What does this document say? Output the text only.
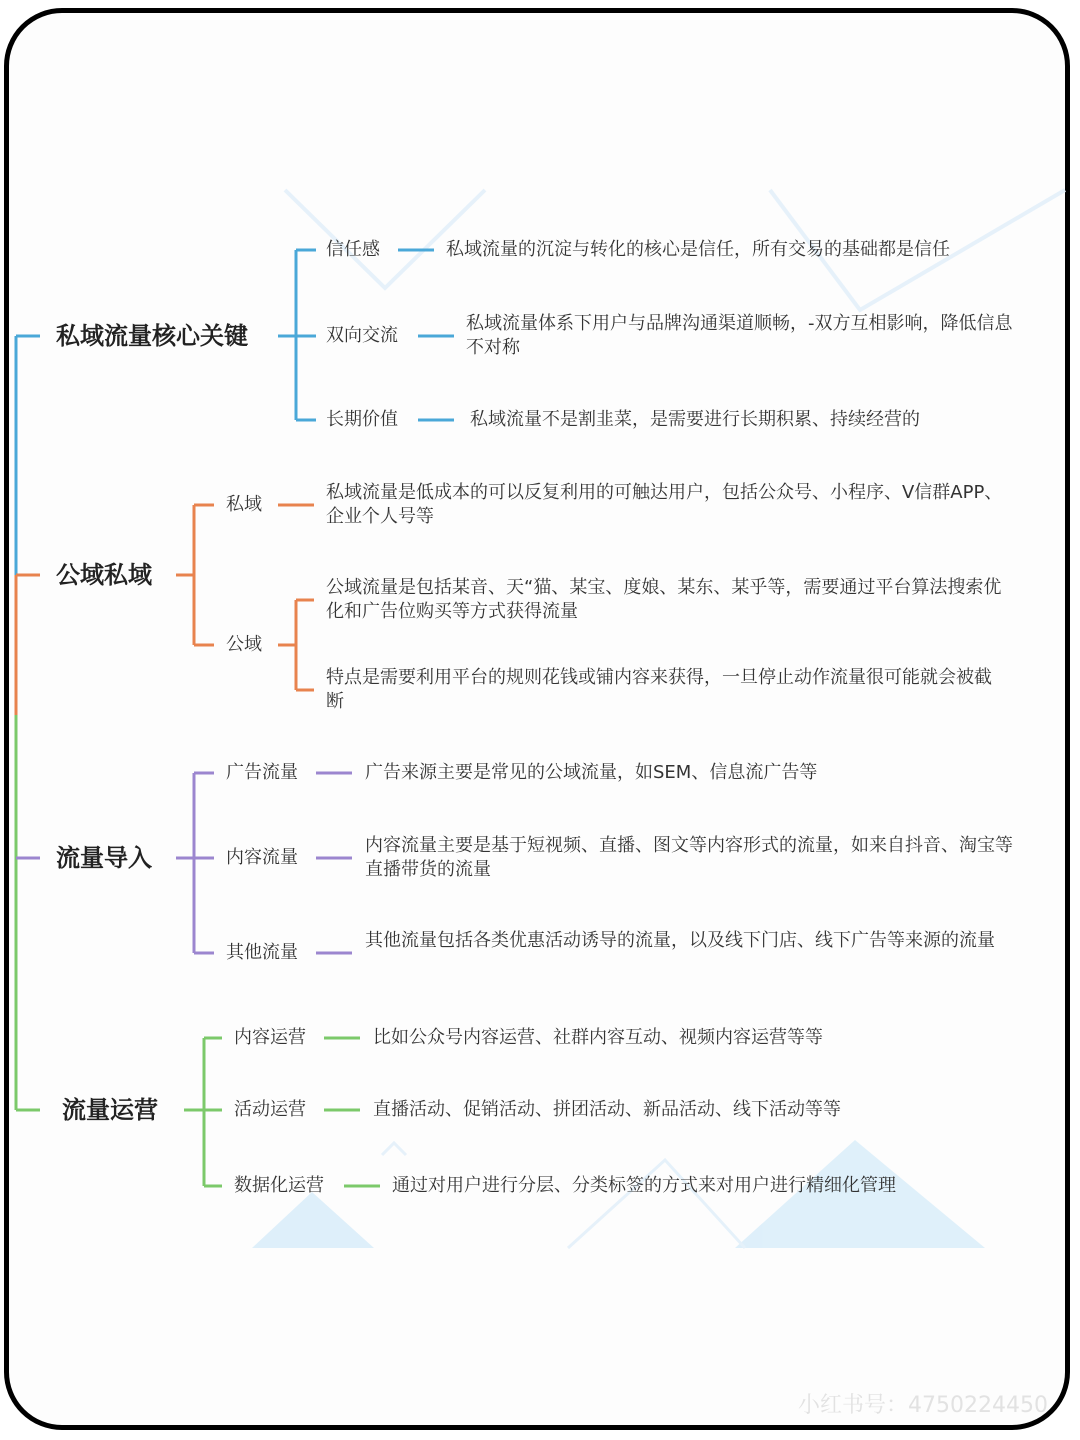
私域流量核心关键
信任感	私域流量的沉淀与转化的核心是信任，所有交易的基础都是信任
双向交流
私域流量体系下用户与品牌沟通渠道顺畅，-双方互相影响，降低信息不对称
长期价值	私域流量不是割韭菜，是需要进行长期积累、持续经营的
公域私域
私域
私域流量是低成本的可以反复利用的可触达用户，包括公众号、小程序、V信群APP、企业个人号等
公域
公域流量是包括某音、天“猫、某宝、度娘、某东、某乎等，需要通过平台算法搜索优化和广告位购买等方式获得流量
特点是需要利用平台的规则花钱或铺内容来获得，一旦停止动作流量很可能就会被截断
流量导入
广告流量	广告来源主要是常见的公域流量，如SEM、信息流广告等
内容流量
内容流量主要是基于短视频、直播、图文等内容形式的流量，如来自抖音、淘宝等直播带货的流量
其他流量
其他流量包括各类优惠活动诱导的流量，以及线下门店、线下广告等来源的流量
流量运营
内容运营	比如公众号内容运营、社群内容互动、视频内容运营等等
活动运营	直播活动、促销活动、拼团活动、新品活动、线下活动等等
数据化运营	通过对用户进行分层、分类标签的方式来对用户进行精细化管理
小红书号：4750224450
